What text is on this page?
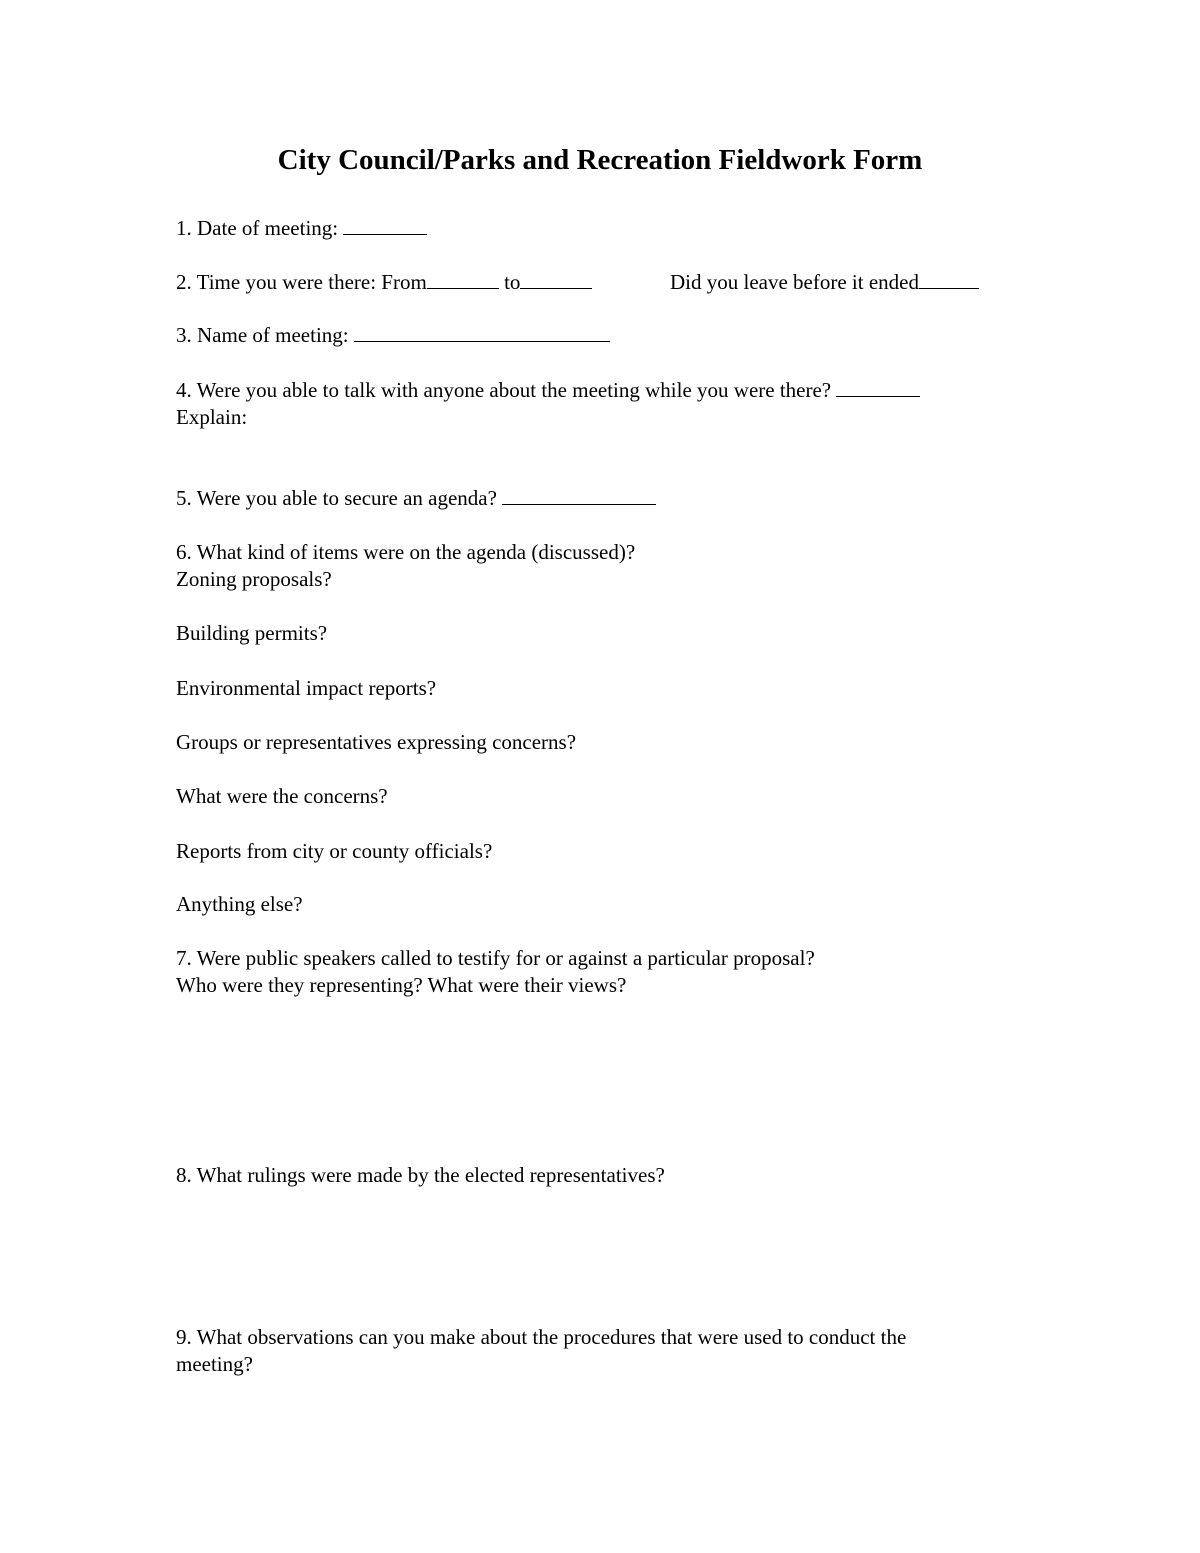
City Council/Parks and Recreation Fieldwork Form
1. Date of meeting:
2. Time you were there: From	to	Did you leave before it ended
3. Name of meeting:
4. Were you able to talk with anyone about the meeting while you were there?
Explain:
5. Were you able to secure an agenda?
6. What kind of items were on the agenda (discussed)?
Zoning proposals?
Building permits?
Environmental impact reports?
Groups or representatives expressing concerns?
What were the concerns?
Reports from city or county officials?
Anything else?
7. Were public speakers called to testify for or against a particular proposal?
Who were they representing? What were their views?
8. What rulings were made by the elected representatives?
9. What observations can you make about the procedures that were used to conduct the
meeting?
